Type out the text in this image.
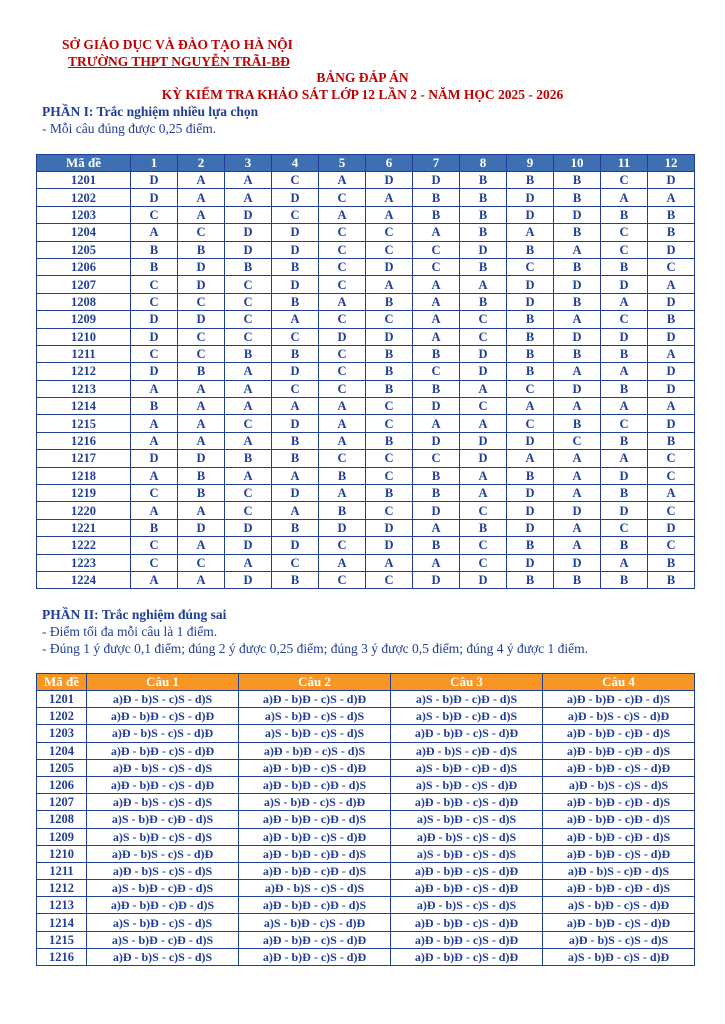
SỞ GIÁO DỤC VÀ ĐÀO TẠO HÀ NỘI
TRƯỜNG THPT NGUYỄN TRÃI-BĐ
BẢNG ĐÁP ÁN
KỲ KIỂM TRA KHẢO SÁT LỚP 12 LẦN 2 - NĂM HỌC 2025 - 2026
PHẦN I: Trắc nghiệm nhiều lựa chọn
- Mỗi câu đúng được 0,25 điểm.
Mã đề	1	2	3	4	5	6	7	8	9	10	11	12
1201	D	A	A	C	A	D	D	B	B	B	C	D
1202	D	A	A	D	C	A	B	B	D	B	A	A
1203	C	A	D	C	A	A	B	B	D	D	B	B
1204	A	C	D	D	C	C	A	B	A	B	C	B
1205	B	B	D	D	C	C	C	D	B	A	C	D
1206	B	D	B	B	C	D	C	B	C	B	B	C
1207	C	D	C	D	C	A	A	A	D	D	D	A
1208	C	C	C	B	A	B	A	B	D	B	A	D
1209	D	D	C	A	C	C	A	C	B	A	C	B
1210	D	C	C	C	D	D	A	C	B	D	D	D
1211	C	C	B	B	C	B	B	D	B	B	B	A
1212	D	B	A	D	C	B	C	D	B	A	A	D
1213	A	A	A	C	C	B	B	A	C	D	B	D
1214	B	A	A	A	A	C	D	C	A	A	A	A
1215	A	A	C	D	A	C	A	A	C	B	C	D
1216	A	A	A	B	A	B	D	D	D	C	B	B
1217	D	D	B	B	C	C	C	D	A	A	A	C
1218	A	B	A	A	B	C	B	A	B	A	D	C
1219	C	B	C	D	A	B	B	A	D	A	B	A
1220	A	A	C	A	B	C	D	C	D	D	D	C
1221	B	D	D	B	D	D	A	B	D	A	C	D
1222	C	A	D	D	C	D	B	C	B	A	B	C
1223	C	C	A	C	A	A	A	C	D	D	A	B
1224	A	A	D	B	C	C	D	D	B	B	B	B
PHẦN II: Trắc nghiệm đúng sai
- Điểm tối đa mỗi câu là 1 điểm.
- Đúng 1 ý được 0,1 điểm; đúng 2 ý được 0,25 điểm; đúng 3 ý được 0,5 điểm; đúng 4 ý được 1 điểm.
Mã đề	Câu 1	Câu 2	Câu 3	Câu 4
1201	a)Đ - b)S - c)S - d)S	a)Đ - b)Đ - c)S - d)Đ	a)S - b)Đ - c)Đ - d)S	a)Đ - b)Đ - c)Đ - d)S
1202	a)Đ - b)Đ - c)S - d)Đ	a)S - b)Đ - c)S - d)S	a)S - b)Đ - c)Đ - d)S	a)Đ - b)S - c)S - d)Đ
1203	a)Đ - b)S - c)S - d)Đ	a)S - b)Đ - c)S - d)S	a)Đ - b)Đ - c)S - d)Đ	a)Đ - b)Đ - c)Đ - d)S
1204	a)Đ - b)Đ - c)S - d)Đ	a)Đ - b)Đ - c)S - d)S	a)Đ - b)S - c)Đ - d)S	a)Đ - b)Đ - c)Đ - d)S
1205	a)Đ - b)S - c)S - d)S	a)Đ - b)Đ - c)S - d)Đ	a)S - b)Đ - c)Đ - d)S	a)Đ - b)Đ - c)S - d)Đ
1206	a)Đ - b)Đ - c)S - d)Đ	a)Đ - b)Đ - c)Đ - d)S	a)S - b)Đ - c)S - d)Đ	a)Đ - b)S - c)S - d)S
1207	a)Đ - b)S - c)S - d)S	a)S - b)Đ - c)S - d)Đ	a)Đ - b)Đ - c)S - d)Đ	a)Đ - b)Đ - c)Đ - d)S
1208	a)S - b)Đ - c)Đ - d)S	a)Đ - b)Đ - c)Đ - d)S	a)S - b)Đ - c)S - d)S	a)Đ - b)Đ - c)Đ - d)S
1209	a)S - b)Đ - c)S - d)S	a)Đ - b)Đ - c)S - d)Đ	a)Đ - b)S - c)S - d)S	a)Đ - b)Đ - c)Đ - d)S
1210	a)Đ - b)S - c)S - d)Đ	a)Đ - b)Đ - c)Đ - d)S	a)S - b)Đ - c)S - d)S	a)Đ - b)Đ - c)S - d)Đ
1211	a)Đ - b)S - c)S - d)S	a)Đ - b)Đ - c)Đ - d)S	a)Đ - b)Đ - c)S - d)Đ	a)Đ - b)S - c)Đ - d)S
1212	a)S - b)Đ - c)Đ - d)S	a)Đ - b)S - c)S - d)S	a)Đ - b)Đ - c)S - d)Đ	a)Đ - b)Đ - c)Đ - d)S
1213	a)Đ - b)Đ - c)Đ - d)S	a)Đ - b)Đ - c)Đ - d)S	a)Đ - b)S - c)S - d)S	a)S - b)Đ - c)S - d)Đ
1214	a)S - b)Đ - c)S - d)S	a)S - b)Đ - c)S - d)Đ	a)Đ - b)Đ - c)S - d)Đ	a)Đ - b)Đ - c)S - d)Đ
1215	a)S - b)Đ - c)Đ - d)S	a)Đ - b)Đ - c)S - d)Đ	a)Đ - b)Đ - c)S - d)Đ	a)Đ - b)S - c)S - d)S
1216	a)Đ - b)S - c)S - d)S	a)Đ - b)Đ - c)S - d)Đ	a)Đ - b)Đ - c)S - d)Đ	a)S - b)Đ - c)S - d)Đ
